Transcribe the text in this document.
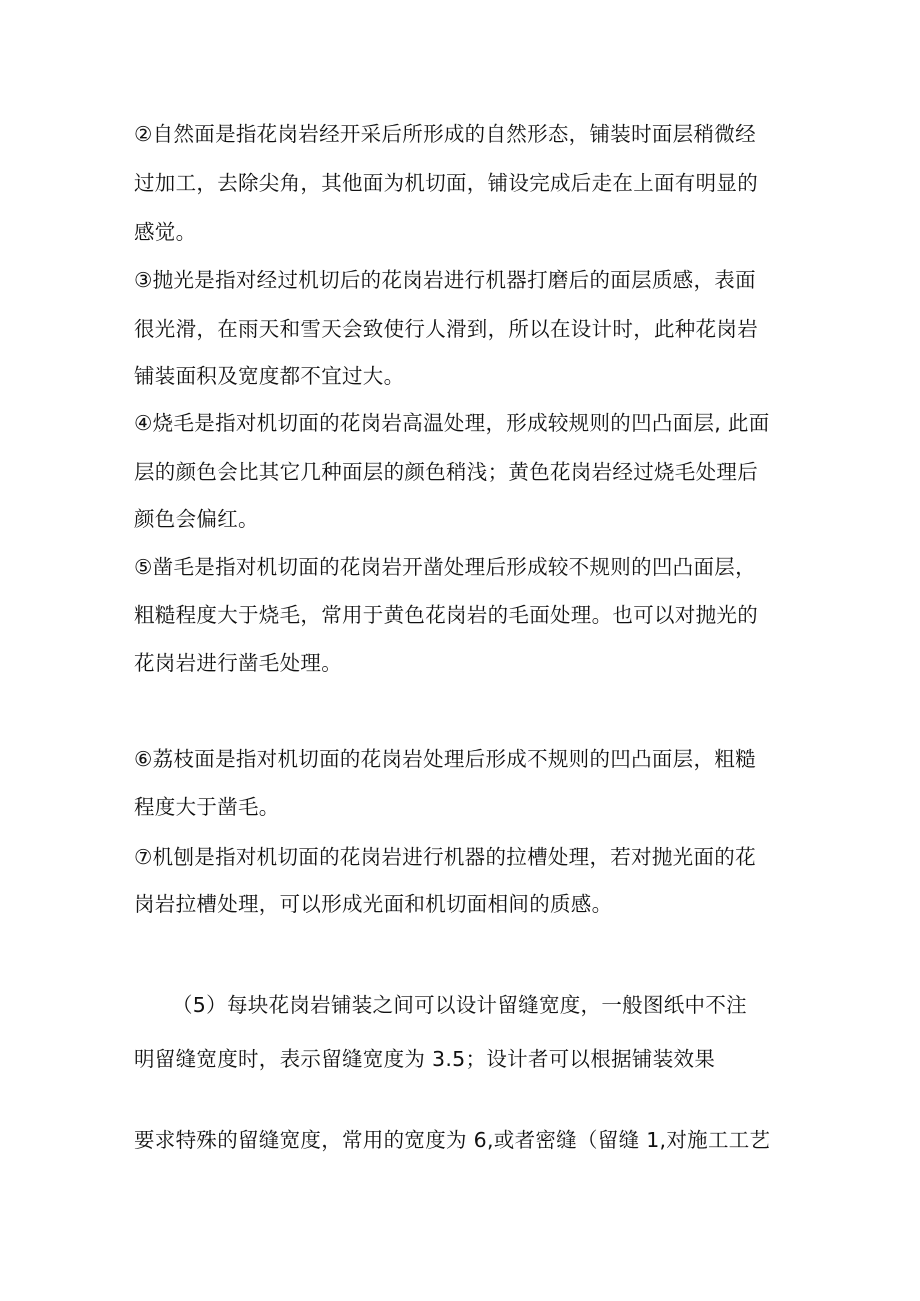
②自然面是指花岗岩经开采后所形成的自然形态，铺装时面层稍微经
过加工，去除尖角，其他面为机切面，铺设完成后走在上面有明显的
感觉。
③抛光是指对经过机切后的花岗岩进行机器打磨后的面层质感，表面
很光滑，在雨天和雪天会致使行人滑到，所以在设计时，此种花岗岩
铺装面积及宽度都不宜过大。
④烧毛是指对机切面的花岗岩高温处理，形成较规则的凹凸面层, 此面
层的颜色会比其它几种面层的颜色稍浅；黄色花岗岩经过烧毛处理后
颜色会偏红。
⑤凿毛是指对机切面的花岗岩开凿处理后形成较不规则的凹凸面层，
粗糙程度大于烧毛，常用于黄色花岗岩的毛面处理。也可以对抛光的
花岗岩进行凿毛处理。
⑥荔枝面是指对机切面的花岗岩处理后形成不规则的凹凸面层，粗糙
程度大于凿毛。
⑦机刨是指对机切面的花岗岩进行机器的拉槽处理，若对抛光面的花
岗岩拉槽处理，可以形成光面和机切面相间的质感。
（5）每块花岗岩铺装之间可以设计留缝宽度，一般图纸中不注
明留缝宽度时，表示留缝宽度为 3.5；设计者可以根据铺装效果
要求特殊的留缝宽度，常用的宽度为 6,或者密缝（留缝 1,对施工工艺
